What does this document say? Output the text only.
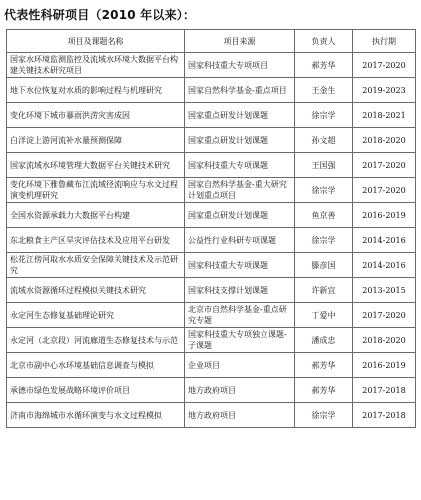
代表性科研项目（2010 年以来）：
项目及课题名称	项目来源	负责人	执行期
国家水环境监测监控及流域水环境大数据平台构建关键技术研究项目	国家科技重大专项项目	郝芳华	2017-2020
地下水位恢复对水质的影响过程与机理研究	国家自然科学基金-重点项目	王金生	2019-2023
变化环境下城市暴雨洪涝灾害成因	国家重点研发计划课题	徐宗学	2018-2021
白洋淀上游河流补水量预测保障	国家重点研发计划课题	孙文超	2018-2020
国家流域水环境管理大数据平台关键技术研究	国家科技重大专项课题	王国强	2017-2020
变化环境下雅鲁藏布江流域径流响应与水文过程演变机理研究	国家自然科学基金-重大研究计划重点项目	徐宗学	2017-2020
全国水资源承载力大数据平台构建	国家重点研发计划课题	鱼京善	2016-2019
东北粮食主产区旱灾评估技术及应用平台研发	公益性行业科研专项课题	徐宗学	2014-2016
松花江傍河取水水质安全保障关键技术及示范研究	国家科技重大专项课题	滕彦国	2014-2016
流域水资源循环过程模拟关键技术研究	国家科技支撑计划课题	许新宜	2013-2015
永定河生态修复基础理论研究	北京市自然科学基金-重点研究专题	丁爱中	2017-2020
永定河（北京段）河流廊道生态修复技术与示范	国家科技重大专项独立课题-子课题	潘成忠	2018-2020
北京市副中心水环境基础信息调查与模拟	企业项目	郝芳华	2016-2019
承德市绿色发展战略环境评价项目	地方政府项目	郝芳华	2017-2018
济南市海绵城市水循环演变与水文过程模拟	地方政府项目	徐宗学	2017-2018
